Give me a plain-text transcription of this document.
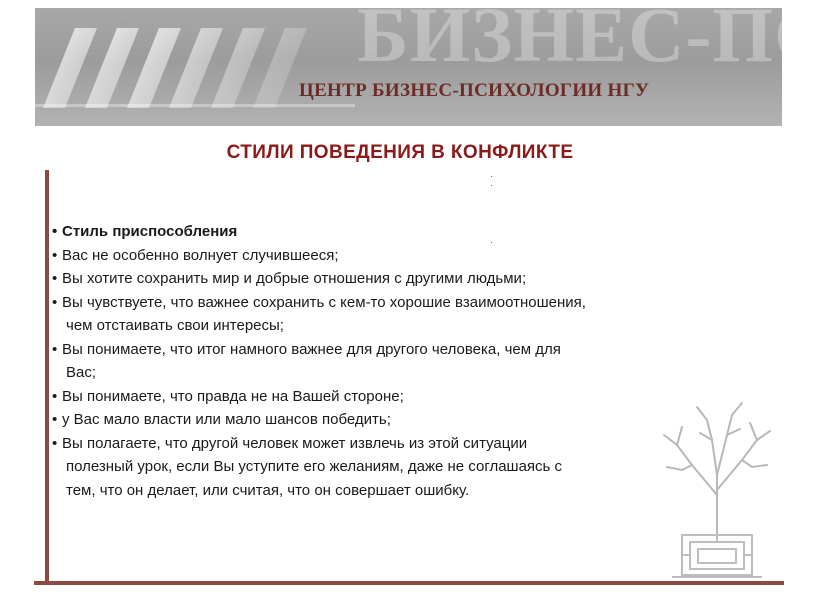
БИЗНЕС-ПС
ЦЕНТР БИЗНЕС-ПСИХОЛОГИИ НГУ
СТИЛИ ПОВЕДЕНИЯ В КОНФЛИКТЕ
·
·
·
• Стиль приспособления
• Вас не особенно волнует случившееся;
• Вы хотите сохранить мир и добрые отношения с другими людьми;
• Вы чувствуете, что важнее сохранить с кем-то хорошие взаимоотношения,
чем отстаивать свои интересы;
• Вы понимаете, что итог намного важнее для другого человека, чем для
Вас;
• Вы понимаете, что правда не на Вашей стороне;
• у Вас мало власти или мало шансов победить;
• Вы полагаете, что другой человек может извлечь из этой ситуации
полезный урок, если Вы уступите его желаниям, даже не соглашаясь с
тем, что он делает, или считая, что он совершает ошибку.
